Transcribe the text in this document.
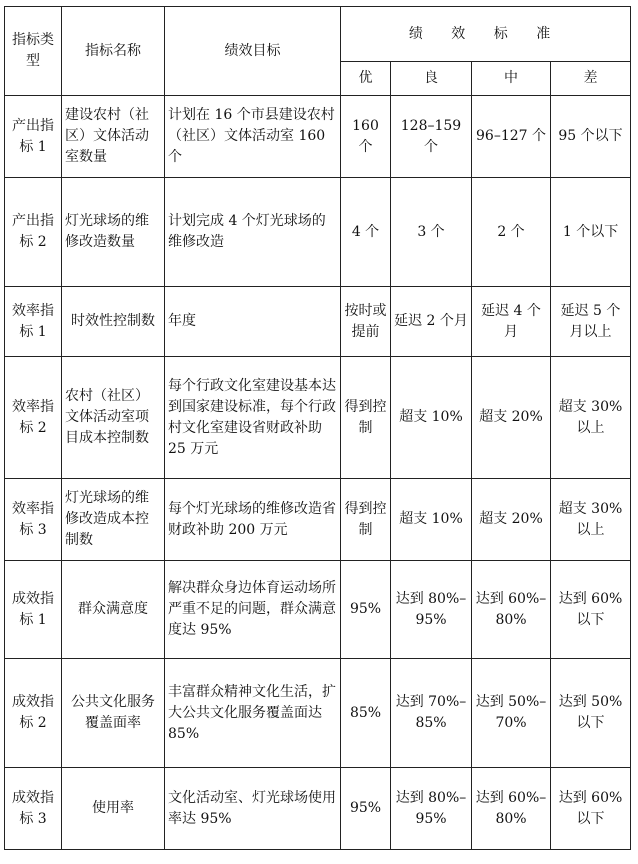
指标类型	指标名称	绩效目标	绩 效 标 准			
			优	良	中	差
产出指标 1	建设农村（社区）文体活动室数量	计划在 16 个市县建设农村（社区）文体活动室 160 个	160 个	128–159 个	96–127 个	95 个以下
产出指标 2	灯光球场的维修改造数量	计划完成 4 个灯光球场的维修改造	4 个	3 个	2 个	1 个以下
效率指标 1	时效性控制数	年度	按时或提前	延迟 2 个月	延迟 4 个月	延迟 5 个月以上
效率指标 2	农村（社区）文体活动室项目成本控制数	每个行政文化室建设基本达到国家建设标准，每个行政村文化室建设省财政补助 25 万元	得到控制	超支 10%	超支 20%	超支 30%以上
效率指标 3	灯光球场的维修改造成本控制数	每个灯光球场的维修改造省财政补助 200 万元	得到控制	超支 10%	超支 20%	超支 30%以上
成效指标 1	群众满意度	解决群众身边体育运动场所严重不足的问题，群众满意度达 95%	95%	达到 80%–95%	达到 60%–80%	达到 60%以下
成效指标 2	公共文化服务覆盖面率	丰富群众精神文化生活，扩大公共文化服务覆盖面达 85%	85%	达到 70%–85%	达到 50%–70%	达到 50%以下
成效指标 3	使用率	文化活动室、灯光球场使用率达 95%	95%	达到 80%–95%	达到 60%–80%	达到 60%以下
